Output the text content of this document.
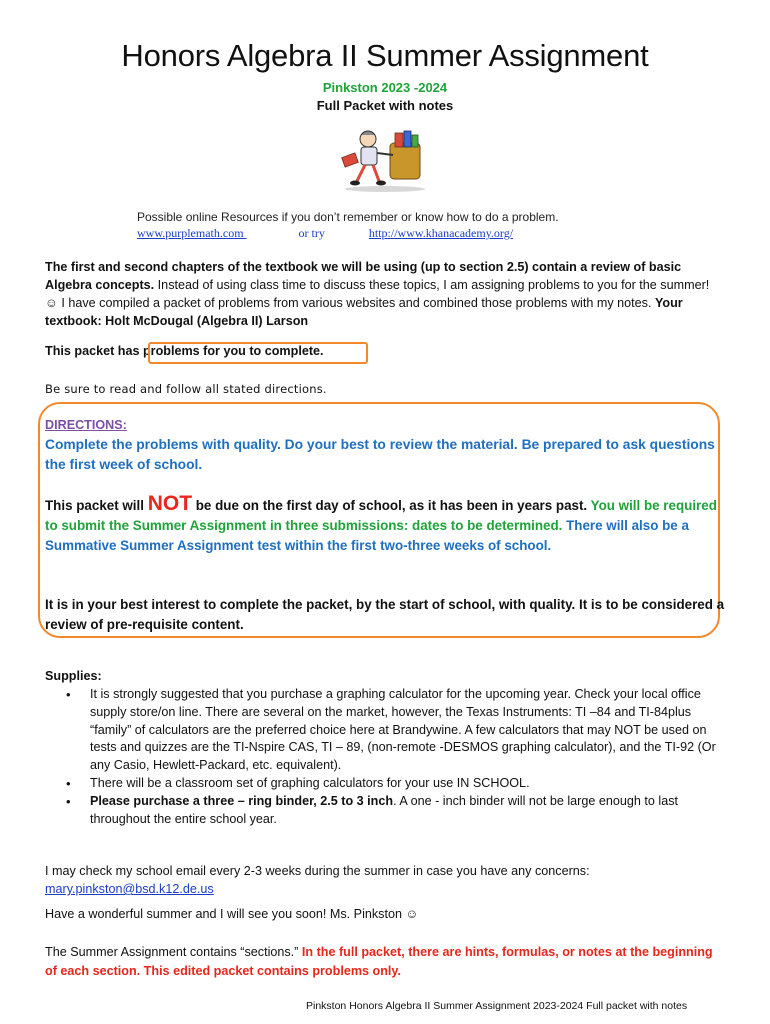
Honors Algebra II Summer Assignment
Pinkston 2023 -2024
Full Packet with notes
Possible online Resources if you don’t remember or know how to do a problem.
www.purplemath.com	or try	http://www.khanacademy.org/
The first and second chapters of the textbook we will be using (up to section 2.5) contain a review of basic Algebra concepts. Instead of using class time to discuss these topics, I am assigning problems to you for the summer! ☺ I have compiled a packet of problems from various websites and combined those problems with my notes. Your textbook: Holt McDougal (Algebra II) Larson
This packet has problems for you to complete.
Be sure to read and follow all stated directions.
DIRECTIONS:
Complete the problems with quality. Do your best to review the material. Be prepared to ask questions the first week of school.
This packet will NOT be due on the first day of school, as it has been in years past. You will be required to submit the Summer Assignment in three submissions: dates to be determined. There will also be a Summative Summer Assignment test within the first two-three weeks of school.
It is in your best interest to complete the packet, by the start of school, with quality. It is to be considered a review of pre-requisite content.
Supplies:
• It is strongly suggested that you purchase a graphing calculator for the upcoming year. Check your local office supply store/on line. There are several on the market, however, the Texas Instruments: TI –84 and TI-84plus “family” of calculators are the preferred choice here at Brandywine. A few calculators that may NOT be used on tests and quizzes are the TI-Nspire CAS, TI – 89, (non-remote -DESMOS graphing calculator), and the TI-92 (Or any Casio, Hewlett-Packard, etc. equivalent).
• There will be a classroom set of graphing calculators for your use IN SCHOOL.
• Please purchase a three – ring binder, 2.5 to 3 inch. A one - inch binder will not be large enough to last throughout the entire school year.
I may check my school email every 2-3 weeks during the summer in case you have any concerns: mary.pinkston@bsd.k12.de.us
Have a wonderful summer and I will see you soon! Ms. Pinkston ☺
The Summer Assignment contains “sections.” In the full packet, there are hints, formulas, or notes at the beginning of each section. This edited packet contains problems only.
Pinkston Honors Algebra II Summer Assignment 2023-2024 Full packet with notes
